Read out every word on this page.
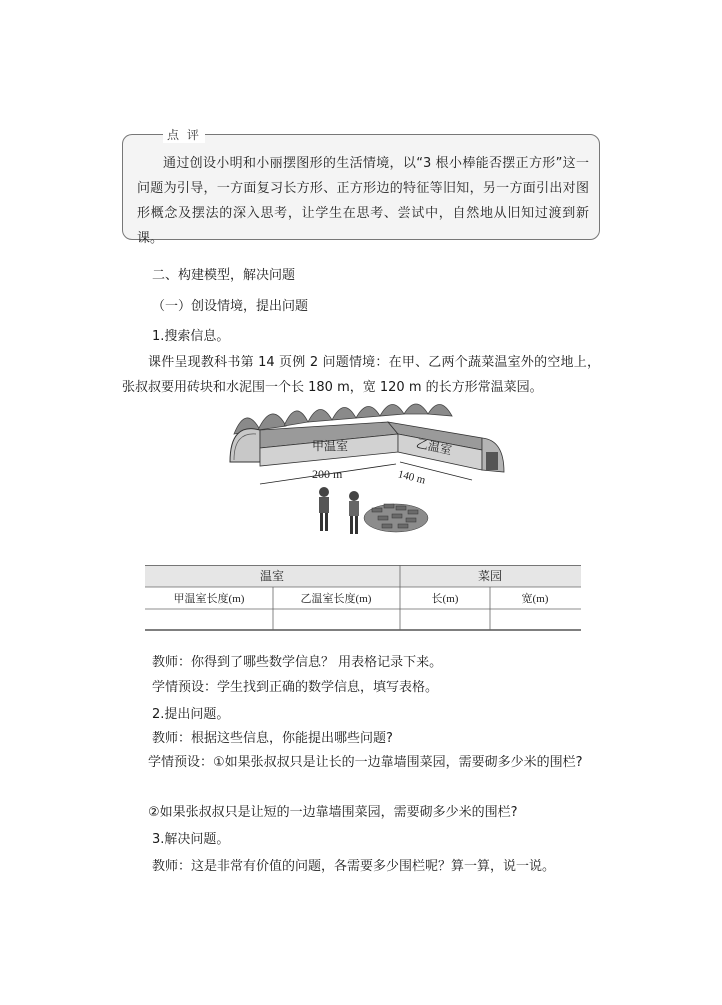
点 评

通过创设小明和小丽摆图形的生活情境，以“3 根小棒能否摆正方形”这一问题为引导，一方面复习长方形、正方形边的特征等旧知，另一方面引出对图形概念及摆法的深入思考，让学生在思考、尝试中，自然地从旧知过渡到新课。

二、构建模型，解决问题

（一）创设情境，提出问题

1.搜索信息。

课件呈现教科书第 14 页例 2 问题情境：在甲、乙两个蔬菜温室外的空地上，张叔叔要用砖块和水泥围一个长 180 m，宽 120 m 的长方形常温菜园。

甲温室	乙温室
200 m	140 m
温室	菜园
甲温室长度(m)	乙温室长度(m)	长(m)	宽(m)

教师：你得到了哪些数学信息？ 用表格记录下来。

学情预设：学生找到正确的数学信息，填写表格。

2.提出问题。

教师：根据这些信息，你能提出哪些问题?

学情预设：①如果张叔叔只是让长的一边靠墙围菜园，需要砌多少米的围栏?

②如果张叔叔只是让短的一边靠墙围菜园，需要砌多少米的围栏?

3.解决问题。

教师：这是非常有价值的问题，各需要多少围栏呢？算一算，说一说。
